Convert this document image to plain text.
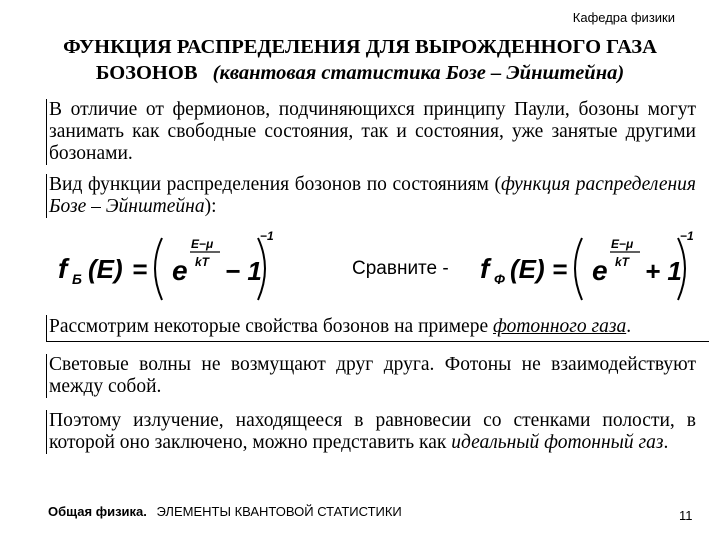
Кафедра физики
ФУНКЦИЯ РАСПРЕДЕЛЕНИЯ ДЛЯ ВЫРОЖДЕННОГО ГАЗА
БОЗОНОВ (квантовая статистика Бозе – Эйнштейна)
В отличие от фермионов, подчиняющихся принципу Паули, бозоны могут занимать как свободные состояния, так и состояния, уже занятые другими бозонами.
Вид функции распределения бозонов по состояниям (функция распределения Бозе – Эйнштейна):
f Б (E) = e
E−μ
kT − 1
−1
Сравните - f Ф (E) = e
E−μ
kT + 1
−1
Рассмотрим некоторые свойства бозонов на примере фотонного газа.
Световые волны не возмущают друг друга. Фотоны не взаимодействуют между собой.
Поэтому излучение, находящееся в равновесии со стенками полости, в которой оно заключено, можно представить как идеальный фотонный газ.
Общая физика. ЭЛЕМЕНТЫ КВАНТОВОЙ СТАТИСТИКИ	11
